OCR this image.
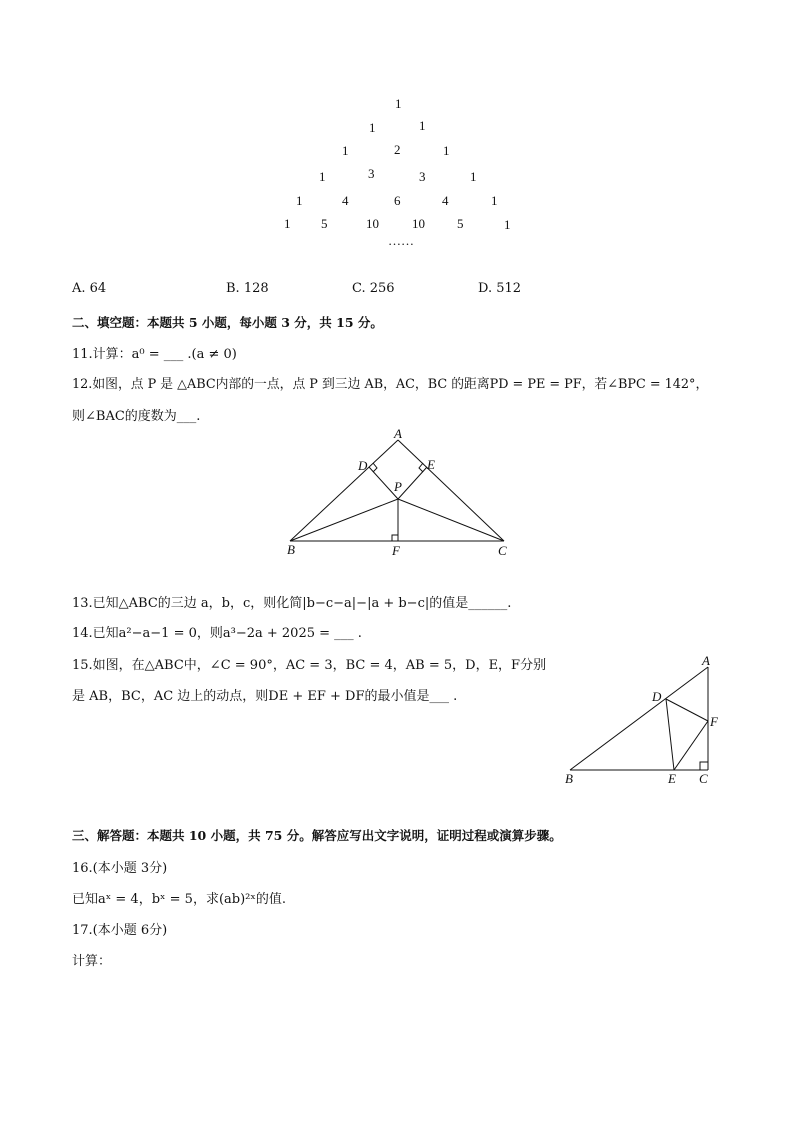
1
1	1
1	2	1
1	3	3	1
1	4	6	4	1
1 5	10	10 5	1
……
A. 64	B. 128	C. 256	D. 512
二、填空题：本题共 5 小题，每小题 3 分，共 15 分。
11.计算：a⁰ = ___ .(a ≠ 0)
12.如图，点 P 是 △ABC内部的一点，点 P 到三边 AB，AC，BC 的距离PD = PE = PF，若∠BPC = 142°，
则∠BAC的度数为___.
A
D	E
P
B	F	C
13.已知△ABC的三边 a，b，c，则化简|b−c−a|−|a + b−c|的值是______.
14.已知a²−a−1 = 0，则a³−2a + 2025 = ___ .
15.如图，在△ABC中，∠C = 90°，AC = 3，BC = 4，AB = 5，D，E，F分别
是 AB，BC，AC 边上的动点，则DE + EF + DF的最小值是___ .
A
D
F
B	E C
三、解答题：本题共 10 小题，共 75 分。解答应写出文字说明，证明过程或演算步骤。
16.(本小题 3分)
已知aˣ = 4，bˣ = 5，求(ab)²ˣ的值.
17.(本小题 6分)
计算：
